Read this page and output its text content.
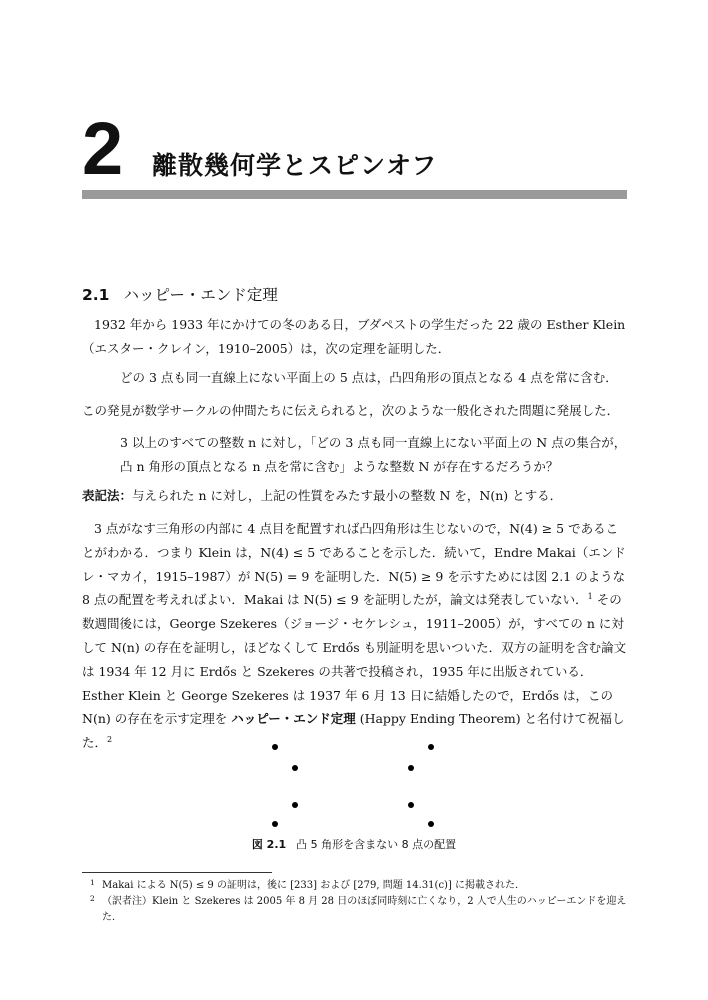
2 離散幾何学とスピンオフ
2.1 ハッピー・エンド定理

1932 年から 1933 年にかけての冬のある日，ブダペストの学生だった 22 歳の Esther Klein（エスター・クレイン，1910–2005）は，次の定理を証明した．

どの 3 点も同一直線上にない平面上の 5 点は，凸四角形の頂点となる 4 点を常に含む．

この発見が数学サークルの仲間たちに伝えられると，次のような一般化された問題に発展した．

3 以上のすべての整数 n に対し，「どの 3 点も同一直線上にない平面上の N 点の集合が，凸 n 角形の頂点となる n 点を常に含む」ような整数 N が存在するだろうか？

表記法：与えられた n に対し，上記の性質をみたす最小の整数 N を，N(n) とする．

3 点がなす三角形の内部に 4 点目を配置すれば凸四角形は生じないので，N(4) ≥ 5 であることがわかる．つまり Klein は，N(4) ≤ 5 であることを示した．続いて，Endre Makai（エンドレ・マカイ，1915–1987）が N(5) = 9 を証明した．N(5) ≥ 9 を示すためには図 2.1 のような 8 点の配置を考えればよい．Makai は N(5) ≤ 9 を証明したが，論文は発表していない．$^1$ その数週間後には，George Szekeres（ジョージ・セケレシュ，1911–2005）が，すべての n に対して N(n) の存在を証明し，ほどなくして Erdős も別証明を思いついた．双方の証明を含む論文は 1934 年 12 月に Erdős と Szekeres の共著で投稿され，1935 年に出版されている．Esther Klein と George Szekeres は 1937 年 6 月 13 日に結婚したので，Erdős は，この N(n) の存在を示す定理を ハッピー・エンド定理 (Happy Ending Theorem) と名付けて祝福した．$^2$

図 2.1 凸 5 角形を含まない 8 点の配置
1 Makai による N(5) ≤ 9 の証明は，後に [233] および [279, 問題 14.31(c)] に掲載された．
2 （訳者注）Klein と Szekeres は 2005 年 8 月 28 日のほぼ同時刻に亡くなり，2 人で人生のハッピーエンドを迎えた．
